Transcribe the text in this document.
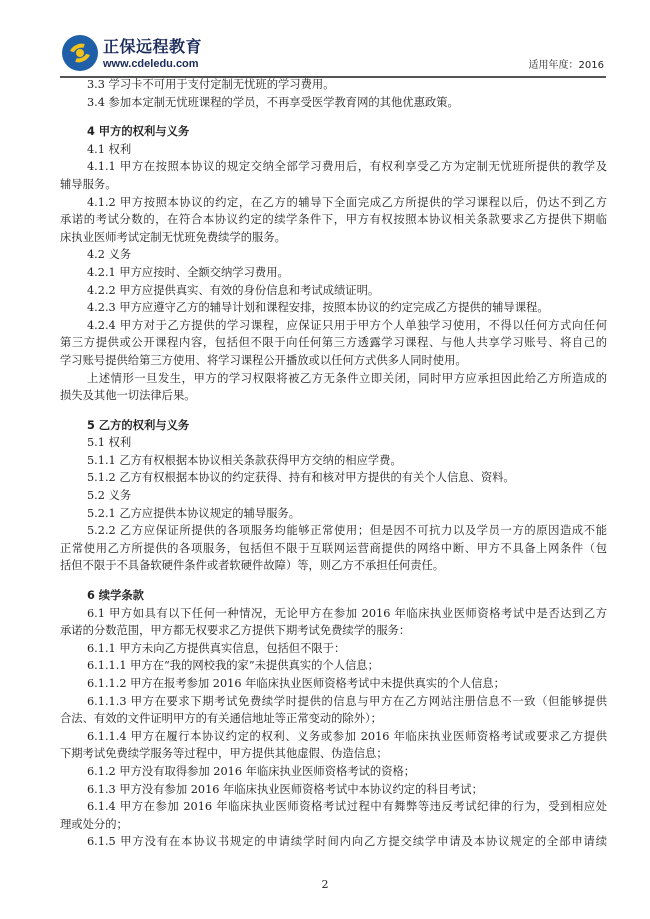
正保远程教育
www.cdeledu.com	适用年度：2016
3.3 学习卡不可用于支付定制无忧班的学习费用。
3.4 参加本定制无忧班课程的学员，不再享受医学教育网的其他优惠政策。
4 甲方的权利与义务
4.1 权利
4.1.1 甲方在按照本协议的规定交纳全部学习费用后，有权利享受乙方为定制无忧班所提供的教学及
辅导服务。
4.1.2 甲方按照本协议的约定，在乙方的辅导下全面完成乙方所提供的学习课程以后，仍达不到乙方
承诺的考试分数的，在符合本协议约定的续学条件下，甲方有权按照本协议相关条款要求乙方提供下期临
床执业医师考试定制无忧班免费续学的服务。
4.2 义务
4.2.1 甲方应按时、全额交纳学习费用。
4.2.2 甲方应提供真实、有效的身份信息和考试成绩证明。
4.2.3 甲方应遵守乙方的辅导计划和课程安排，按照本协议的约定完成乙方提供的辅导课程。
4.2.4 甲方对于乙方提供的学习课程，应保证只用于甲方个人单独学习使用，不得以任何方式向任何
第三方提供或公开课程内容，包括但不限于向任何第三方透露学习课程、与他人共享学习账号、将自己的
学习账号提供给第三方使用、将学习课程公开播放或以任何方式供多人同时使用。
上述情形一旦发生，甲方的学习权限将被乙方无条件立即关闭，同时甲方应承担因此给乙方所造成的
损失及其他一切法律后果。
5 乙方的权利与义务
5.1 权利
5.1.1 乙方有权根据本协议相关条款获得甲方交纳的相应学费。
5.1.2 乙方有权根据本协议的约定获得、持有和核对甲方提供的有关个人信息、资料。
5.2 义务
5.2.1 乙方应提供本协议规定的辅导服务。
5.2.2 乙方应保证所提供的各项服务均能够正常使用；但是因不可抗力以及学员一方的原因造成不能
正常使用乙方所提供的各项服务，包括但不限于互联网运营商提供的网络中断、甲方不具备上网条件（包
括但不限于不具备软硬件条件或者软硬件故障）等，则乙方不承担任何责任。
6 续学条款
6.1 甲方如具有以下任何一种情况，无论甲方在参加 2016 年临床执业医师资格考试中是否达到乙方
承诺的分数范围，甲方都无权要求乙方提供下期考试免费续学的服务：
6.1.1 甲方未向乙方提供真实信息，包括但不限于：
6.1.1.1 甲方在“我的网校我的家”未提供真实的个人信息；
6.1.1.2 甲方在报考参加 2016 年临床执业医师资格考试中未提供真实的个人信息；
6.1.1.3 甲方在要求下期考试免费续学时提供的信息与甲方在乙方网站注册信息不一致（但能够提供
合法、有效的文件证明甲方的有关通信地址等正常变动的除外）；
6.1.1.4 甲方在履行本协议约定的权利、义务或参加 2016 年临床执业医师资格考试或要求乙方提供
下期考试免费续学服务等过程中，甲方提供其他虚假、伪造信息；
6.1.2 甲方没有取得参加 2016 年临床执业医师资格考试的资格；
6.1.3 甲方没有参加 2016 年临床执业医师资格考试中本协议约定的科目考试；
6.1.4 甲方在参加 2016 年临床执业医师资格考试过程中有舞弊等违反考试纪律的行为，受到相应处
理或处分的；
6.1.5 甲方没有在本协议书规定的申请续学时间内向乙方提交续学申请及本协议规定的全部申请续
2
